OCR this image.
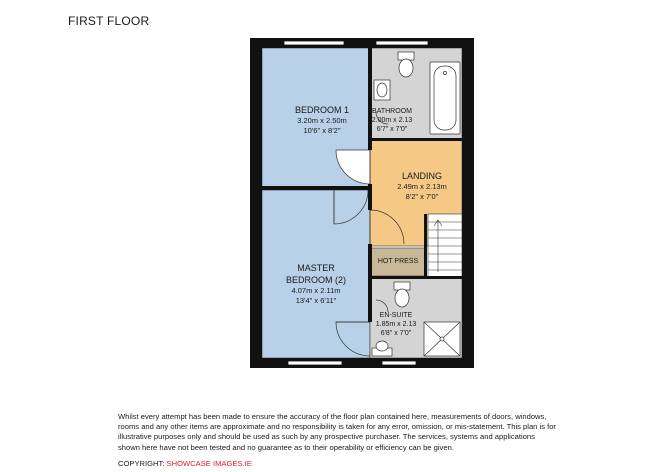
FIRST FLOOR
BEDROOM 1
3.20m x 2.50m
10'6" x 8'2"
BATHROOM
2.00m x 2.13
6'7" x 7'0"
LANDING
2.49m x 2.13m
8'2" x 7'0"
HOT PRESS
MASTER
BEDROOM (2)
4.07m x 2.11m
13'4" x 6'11"
EN-SUITE
1.85m x 2.13
6'8" x 7'0"
Whilst every attempt has been made to ensure the accuracy of the floor plan contained here, measurements of doors, windows, rooms and any other items are approximate and no responsibility is taken for any error, omission, or mis-statement. This plan is for illustrative purposes only and should be used as such by any prospective purchaser. The services, systems and applications shown here have not been tested and no guarantee as to their operability or efficiency can be given.
COPYRIGHT: SHOWCASE IMAGES.IE
